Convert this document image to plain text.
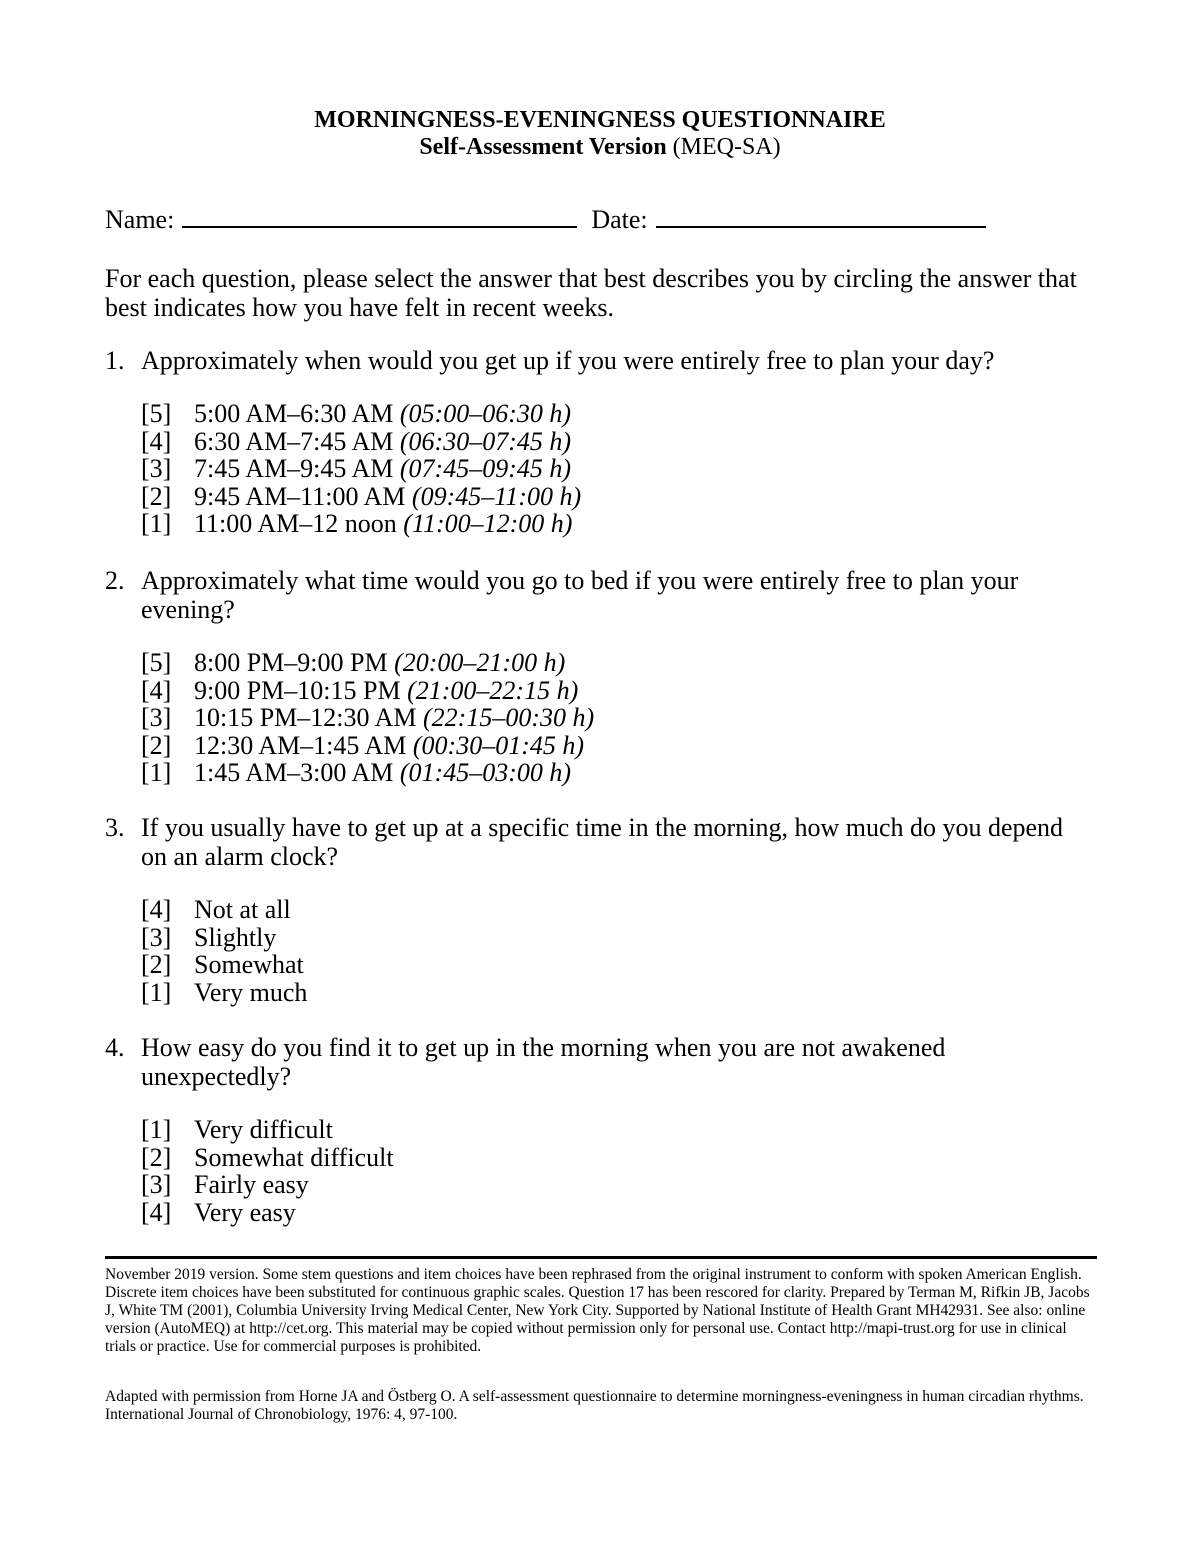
MORNINGNESS-EVENINGNESS QUESTIONNAIRE
Self-Assessment Version (MEQ-SA)
Name:	Date:
For each question, please select the answer that best describes you by circling the answer that best indicates how you have felt in recent weeks.
1. Approximately when would you get up if you were entirely free to plan your day?
[5] 5:00 AM–6:30 AM (05:00–06:30 h)
[4] 6:30 AM–7:45 AM (06:30–07:45 h)
[3] 7:45 AM–9:45 AM (07:45–09:45 h)
[2] 9:45 AM–11:00 AM (09:45–11:00 h)
[1] 11:00 AM–12 noon (11:00–12:00 h)
2. Approximately what time would you go to bed if you were entirely free to plan your evening?
[5] 8:00 PM–9:00 PM (20:00–21:00 h)
[4] 9:00 PM–10:15 PM (21:00–22:15 h)
[3] 10:15 PM–12:30 AM (22:15–00:30 h)
[2] 12:30 AM–1:45 AM (00:30–01:45 h)
[1] 1:45 AM–3:00 AM (01:45–03:00 h)
3. If you usually have to get up at a specific time in the morning, how much do you depend on an alarm clock?
[4] Not at all
[3] Slightly
[2] Somewhat
[1] Very much
4. How easy do you find it to get up in the morning when you are not awakened unexpectedly?
[1] Very difficult
[2] Somewhat difficult
[3] Fairly easy
[4] Very easy
November 2019 version. Some stem questions and item choices have been rephrased from the original instrument to conform with spoken American English. Discrete item choices have been substituted for continuous graphic scales. Question 17 has been rescored for clarity. Prepared by Terman M, Rifkin JB, Jacobs J, White TM (2001), Columbia University Irving Medical Center, New York City. Supported by National Institute of Health Grant MH42931. See also: online version (AutoMEQ) at http://cet.org. This material may be copied without permission only for personal use. Contact http://mapi-trust.org for use in clinical trials or practice. Use for commercial purposes is prohibited.
Adapted with permission from Horne JA and Östberg O. A self-assessment questionnaire to determine morningness-eveningness in human circadian rhythms. International Journal of Chronobiology, 1976: 4, 97-100.
